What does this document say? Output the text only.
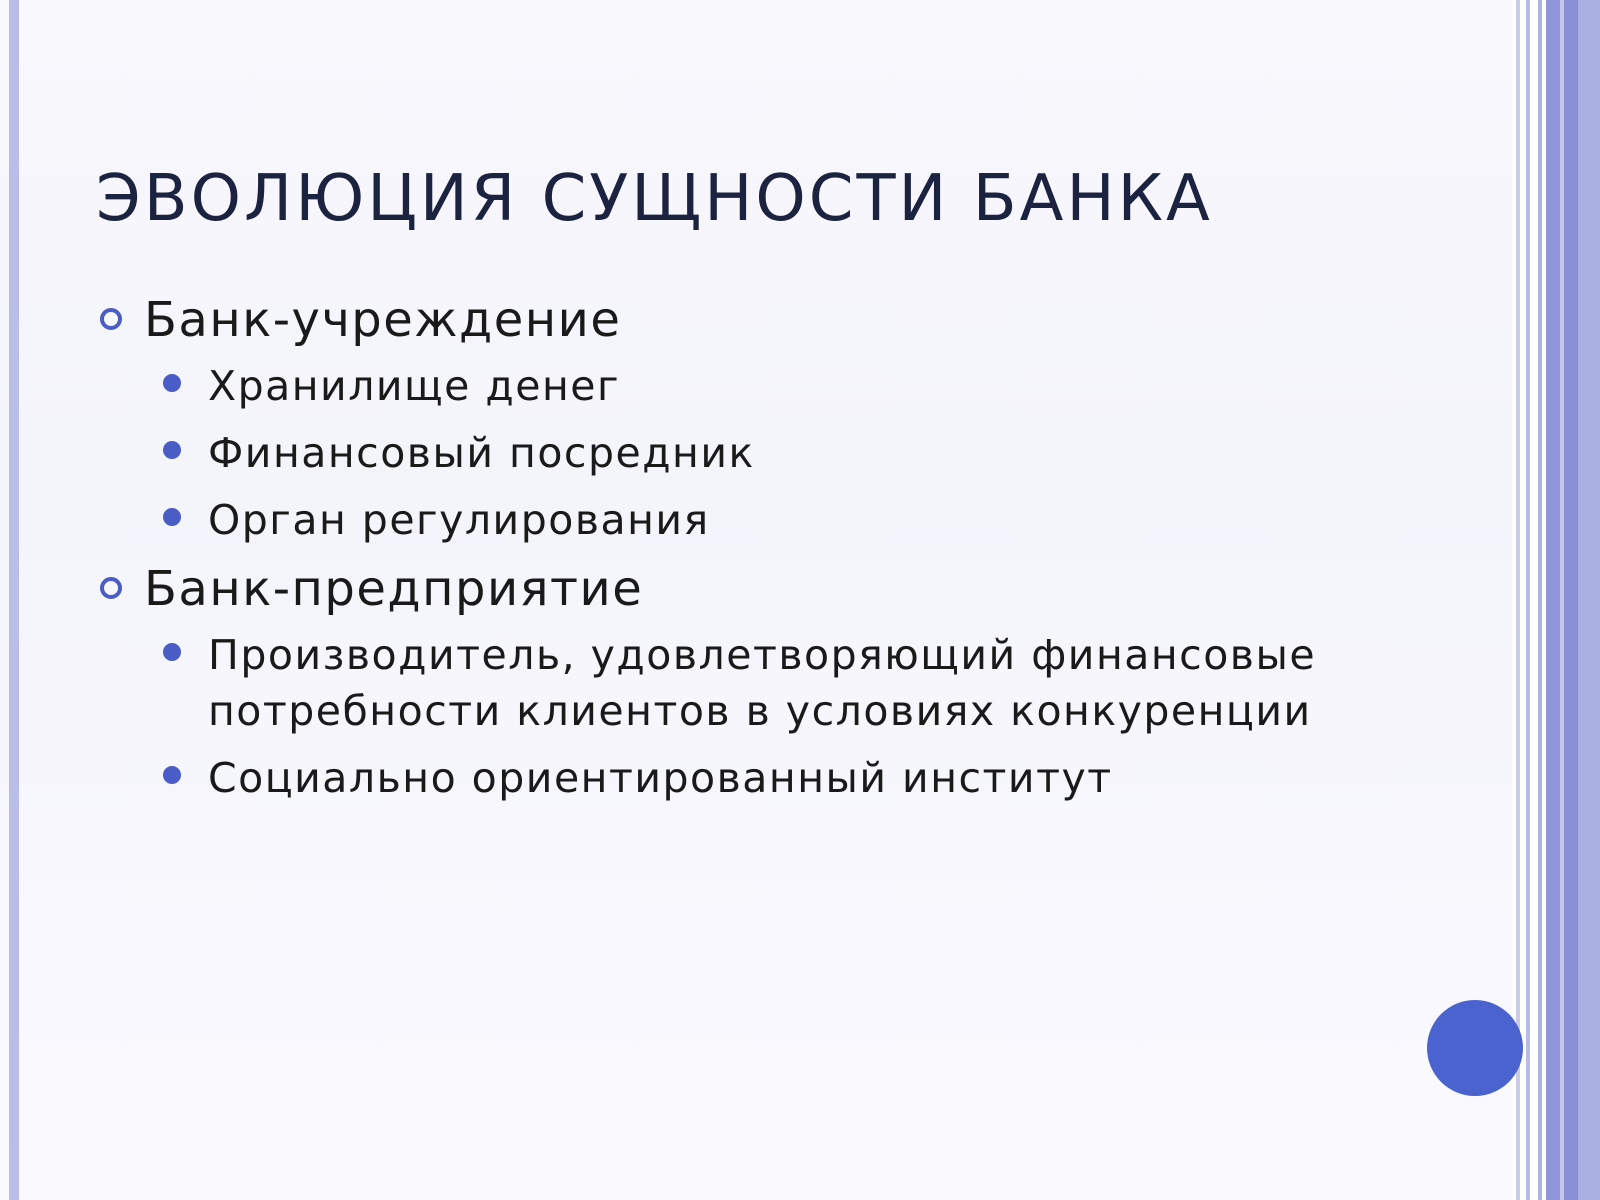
ЭВОЛЮЦИЯ СУЩНОСТИ БАНКА
Банк-учреждение
Хранилище денег
Финансовый посредник
Орган регулирования
Банк-предприятие
Производитель, удовлетворяющий финансовые потребности клиентов в условиях конкуренции
Социально ориентированный институт
